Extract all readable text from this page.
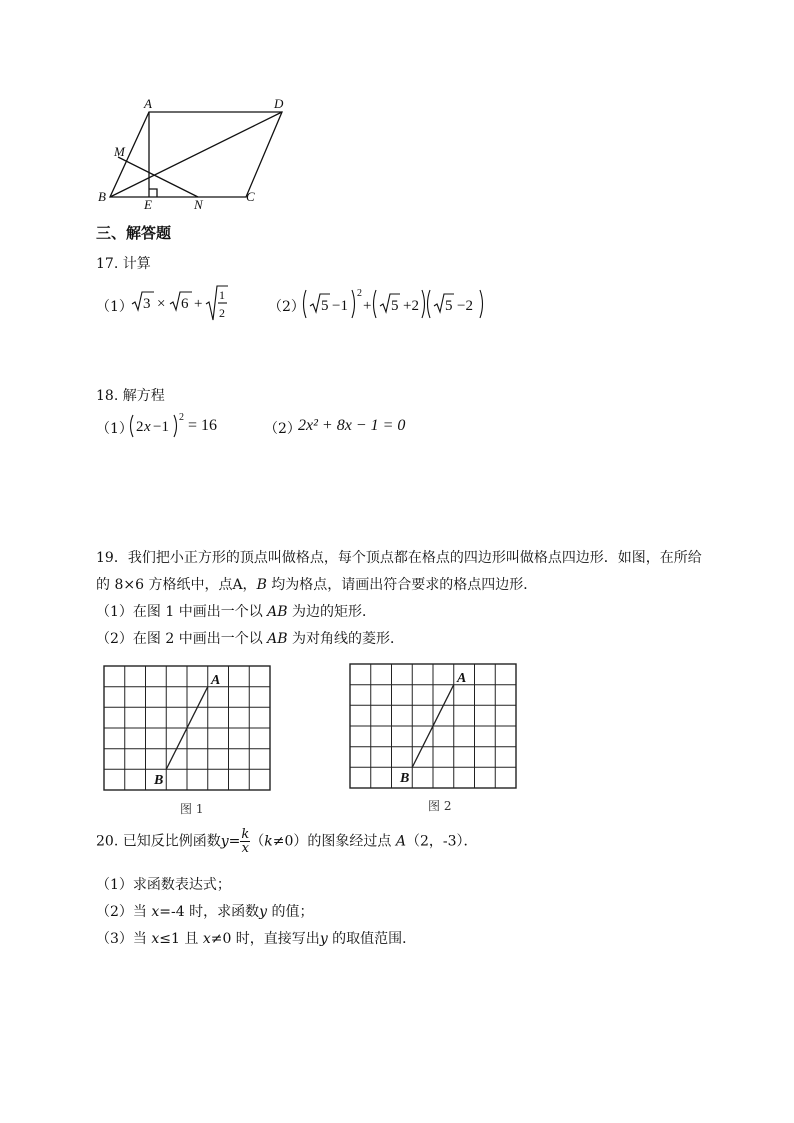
A	D
M
B
E	N
C
三、解答题
17. 计算
（1） 3 × 6 +
1
2	（2） 5 −1
2
+ 5 +2 5 −2
18. 解方程
（1） 2 x −1
2 = 16	（2）
2x² + 8x − 1 = 0
19．我们把小正方形的顶点叫做格点，每个顶点都在格点的四边形叫做格点四边形．如图，在所给
的 8×6 方格纸中，点A，B 均为格点，请画出符合要求的格点四边形．
（1）在图 1 中画出一个以 AB 为边的矩形．
（2）在图 2 中画出一个以 AB 为对角线的菱形．
A
B
图 1
A
B
图 2
20. 已知反比例函数$y= \frac{k}{x} (k\ne 0)$的图象经过点 A（2，-3）．
（1）求函数表达式；
（2）当 x=-4 时，求函数y 的值；
（3）当 x≤1 且 x≠0 时，直接写出y 的取值范围．
